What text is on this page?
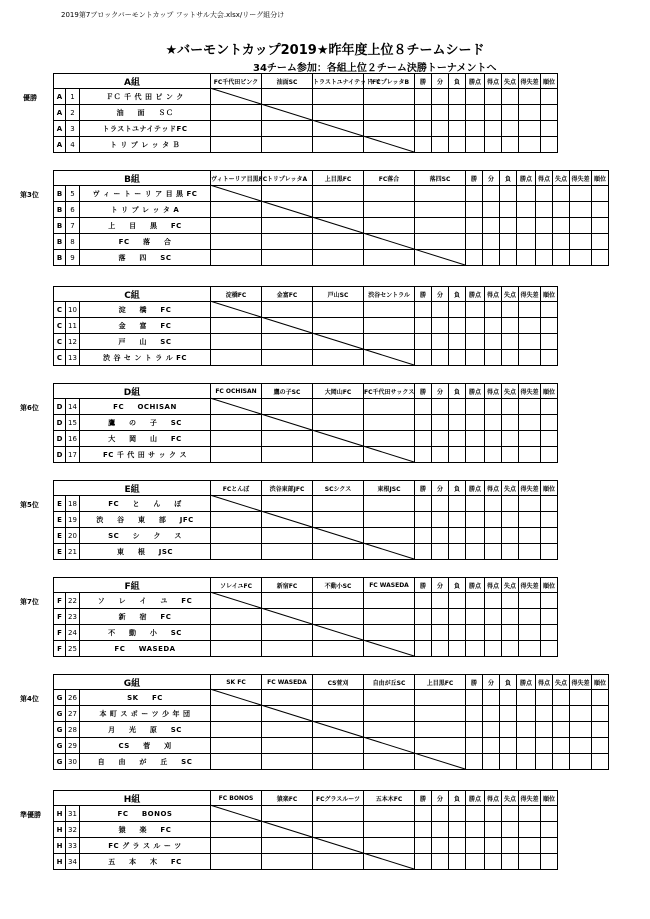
2019第7ブロックバーモントカップ フットサル大会.xlsx/リーグ組分け
★バーモントカップ2019★昨年度上位８チームシード
34チーム参加：各組上位２チーム決勝トーナメントへ
A組			FC千代田ピンク	油面SC	トラストユナイテッドFC	トリプレッタB	勝	分	負	勝点	得点	失点	得失差	順位
A	1	ＦＣ 千 代 田 ピ ン ク												
A	2	油 　 面 　 ＳＣ												
A	3	トラストユナイテッドFC												
A	4	ト リ プ レ ッ タ Ｂ												
優勝
B組			ヴィトーリア目黒FC	トリプレッタA	上目黒FC	FC落合	落四SC	勝	分	負	勝点	得点	失点	得失差	順位
B	5	ヴ ィ ー ト ー リ ア 目 黒 FC													
B	6	ト リ プ レ ッ タ A													
B	7	上 　 目 　 黒 　 FC													
B	8	FC 　 落 　 合													
B	9	落 　 四 　 SC													
第3位
C組			淀橋FC	金富FC	戸山SC	渋谷セントラル	勝	分	負	勝点	得点	失点	得失差	順位
C	10	淀 　 橋 　 FC												
C	11	金 　 富 　 FC												
C	12	戸 　 山 　 SC												
C	13	渋 谷 セ ン ト ラ ル FC												
D組			FC OCHISAN	鷹の子SC	大岡山FC	FC千代田サックス	勝	分	負	勝点	得点	失点	得失差	順位
D	14	FC 　 OCHISAN												
D	15	鷹 　 の 　 子 　 SC												
D	16	大 　 岡 　 山 　 FC												
D	17	FC 千 代 田 サ ッ ク ス												
第6位
E組			FCとんぼ	渋谷東部JFC	SCシクス	東根JSC	勝	分	負	勝点	得点	失点	得失差	順位
E	18	FC 　 と 　 ん 　 ぼ												
E	19	渋 　 谷 　 東 　 部 　 JFC												
E	20	SC 　 シ 　 ク 　 ス												
E	21	東 　 根 　 JSC												
第5位
F組			ソレイユFC	新宿FC	不動小SC	FC WASEDA	勝	分	負	勝点	得点	失点	得失差	順位
F	22	ソ 　 レ 　 イ 　 ユ 　 FC												
F	23	新 　 宿 　 FC												
F	24	不 　 動 　 小 　 SC												
F	25	FC 　 WASEDA												
第7位
G組			SK FC	FC WASEDA	CS菅刈	自由が丘SC	上目黒FC	勝	分	負	勝点	得点	失点	得失差	順位
G	26	SK 　 FC													
G	27	本 町 ス ポ ー ツ 少 年 団													
G	28	月 　 光 　 原 　 SC													
G	29	CS 　 菅 　 刈													
G	30	自 　 由 　 が 　 丘 　 SC													
第4位
H組			FC BONOS	猿楽FC	FCグラスルーツ	五本木FC	勝	分	負	勝点	得点	失点	得失差	順位
H	31	FC 　 BONOS												
H	32	猿 　 楽 　 FC												
H	33	FC グ ラ ス ル ー ツ												
H	34	五 　 本 　 木 　 FC												
準優勝
